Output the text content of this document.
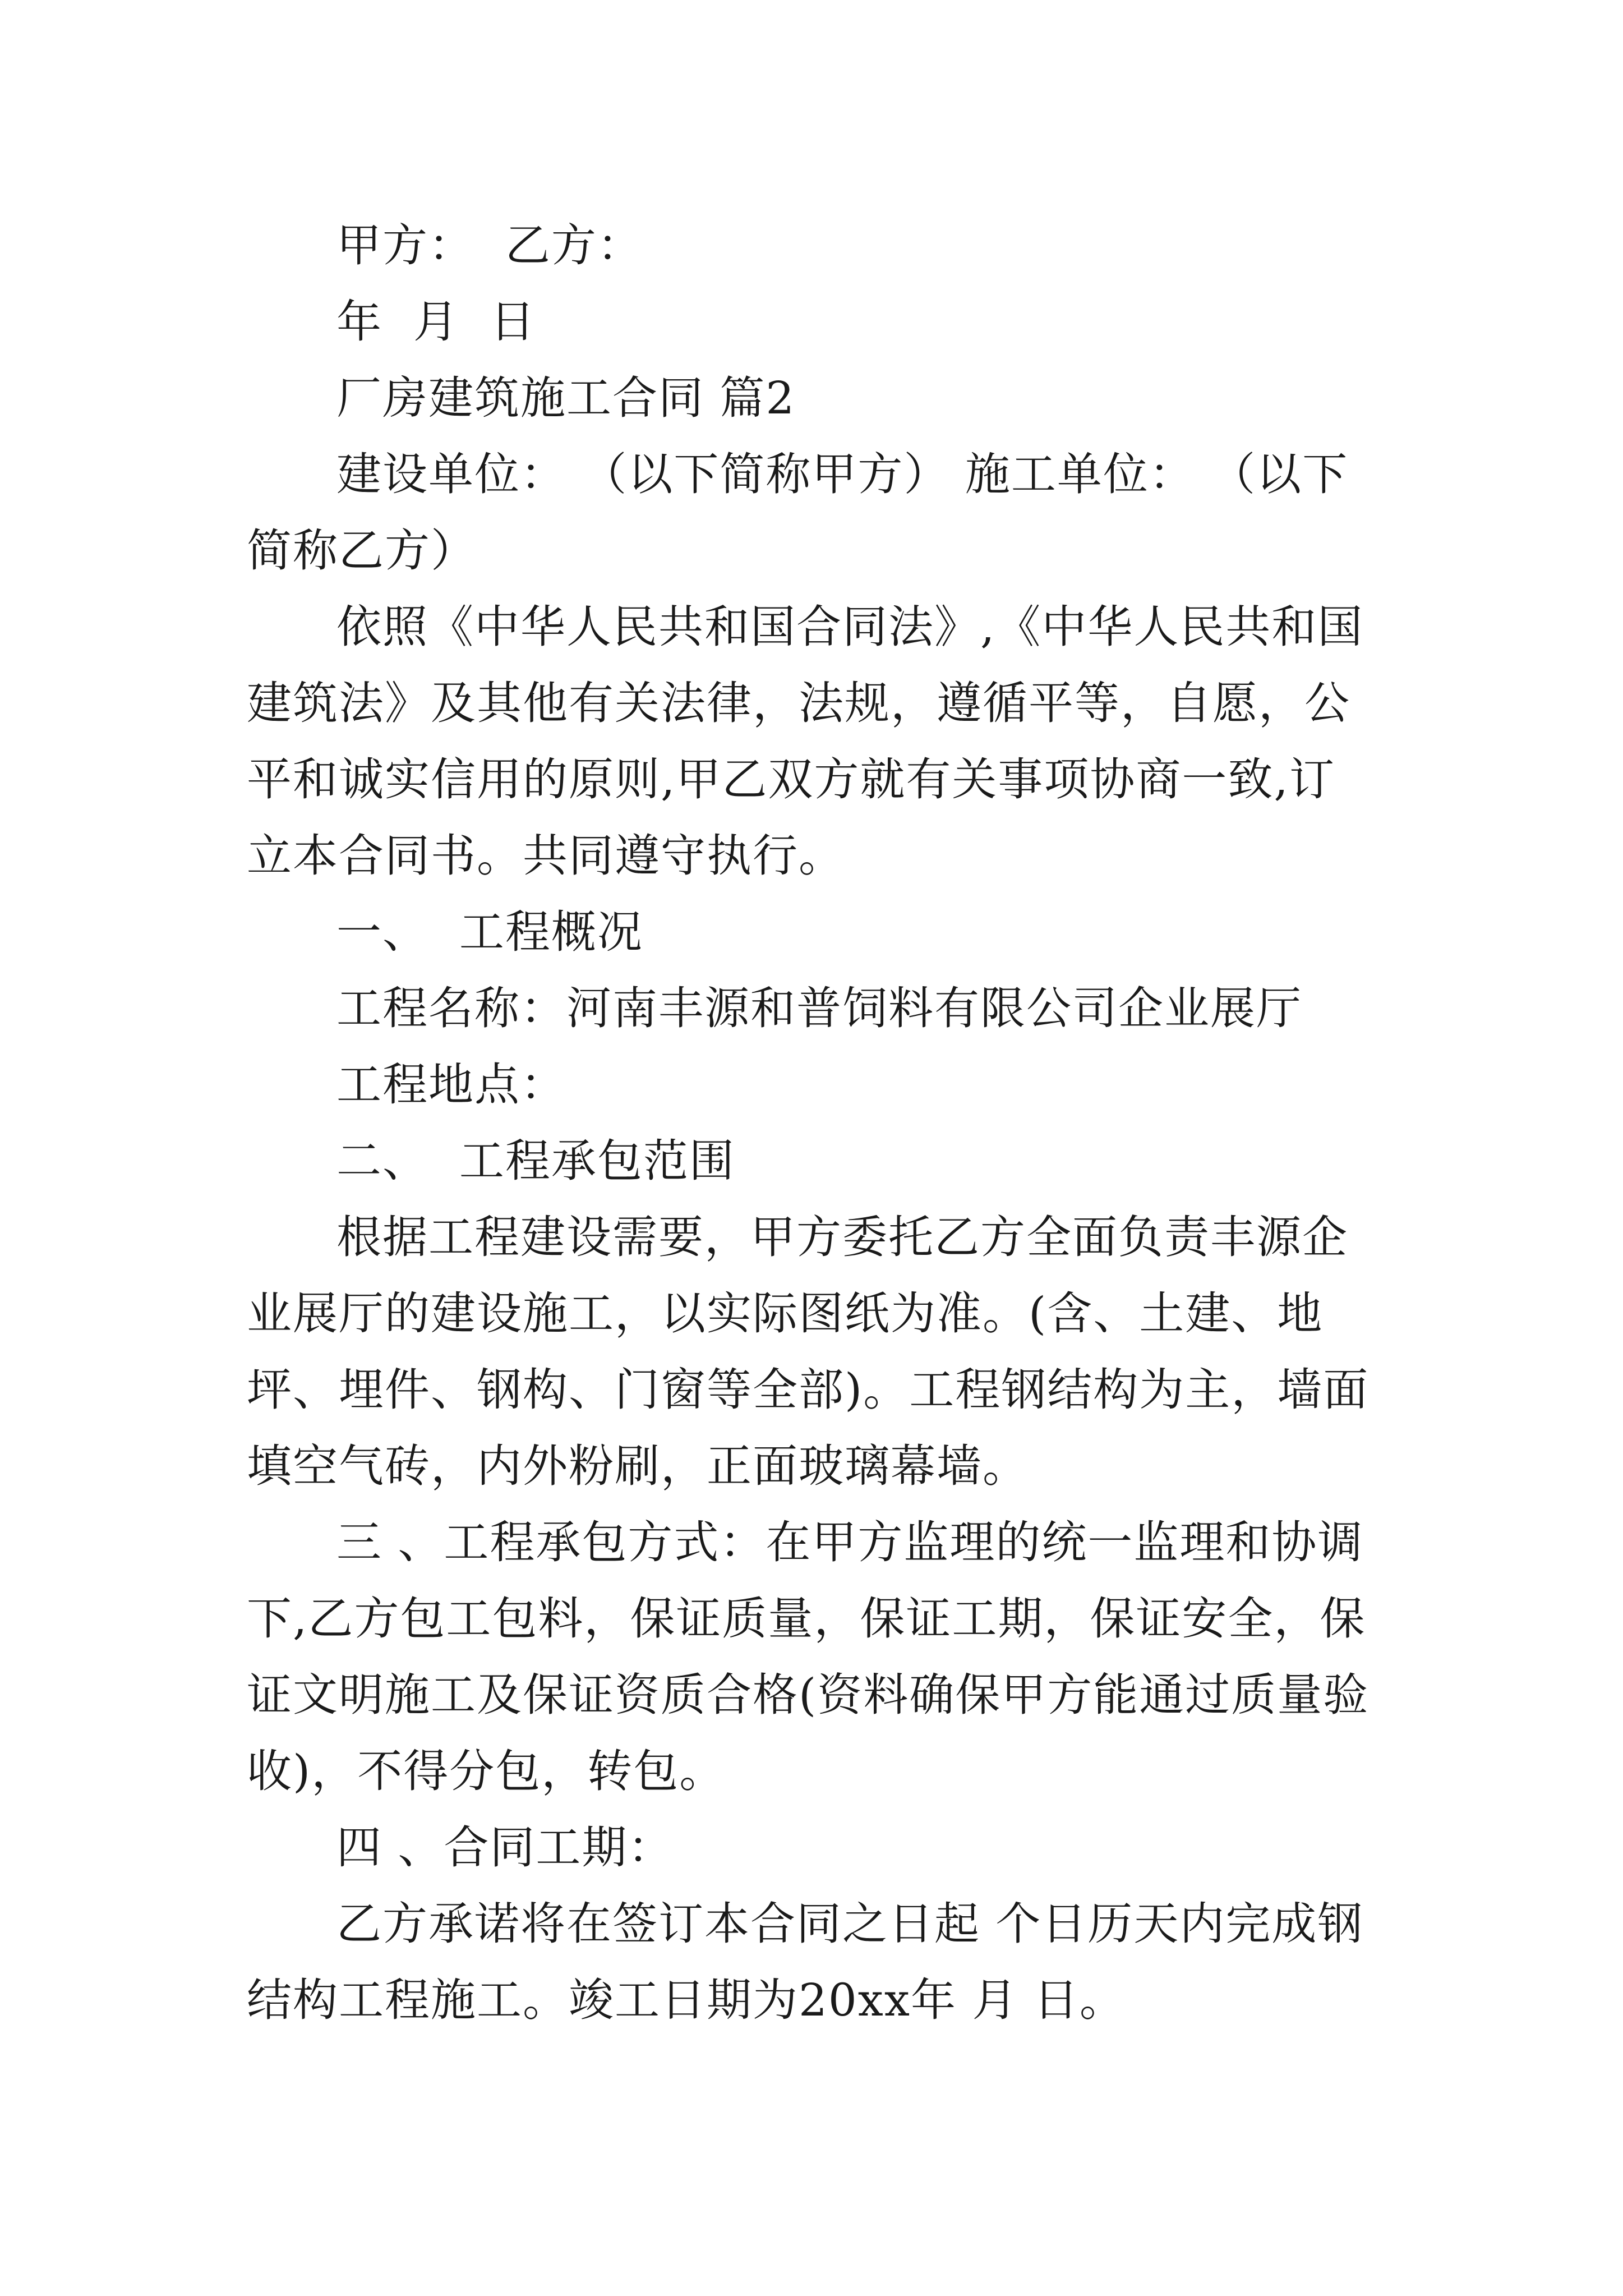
甲方：  乙方：

年  月  日

厂房建筑施工合同 篇2

建设单位： （以下简称甲方） 施工单位： （以下简称乙方）

依照《中华人民共和国合同法》,《中华人民共和国建筑法》及其他有关法律，法规，遵循平等，自愿，公平和诚实信用的原则,甲乙双方就有关事项协商一致,订立本合同书。共同遵守执行。

一、  工程概况

工程名称：河南丰源和普饲料有限公司企业展厅

工程地点：

二、  工程承包范围

根据工程建设需要，甲方委托乙方全面负责丰源企业展厅的建设施工，以实际图纸为准。(含、土建、地坪、埋件、钢构、门窗等全部)。工程钢结构为主，墙面填空气砖，内外粉刷，正面玻璃幕墙。

三 、工程承包方式：在甲方监理的统一监理和协调下,乙方包工包料，保证质量，保证工期，保证安全，保证文明施工及保证资质合格(资料确保甲方能通过质量验收)，不得分包，转包。

四 、合同工期：

乙方承诺将在签订本合同之日起 个日历天内完成钢结构工程施工。竣工日期为20xx年 月 日。
